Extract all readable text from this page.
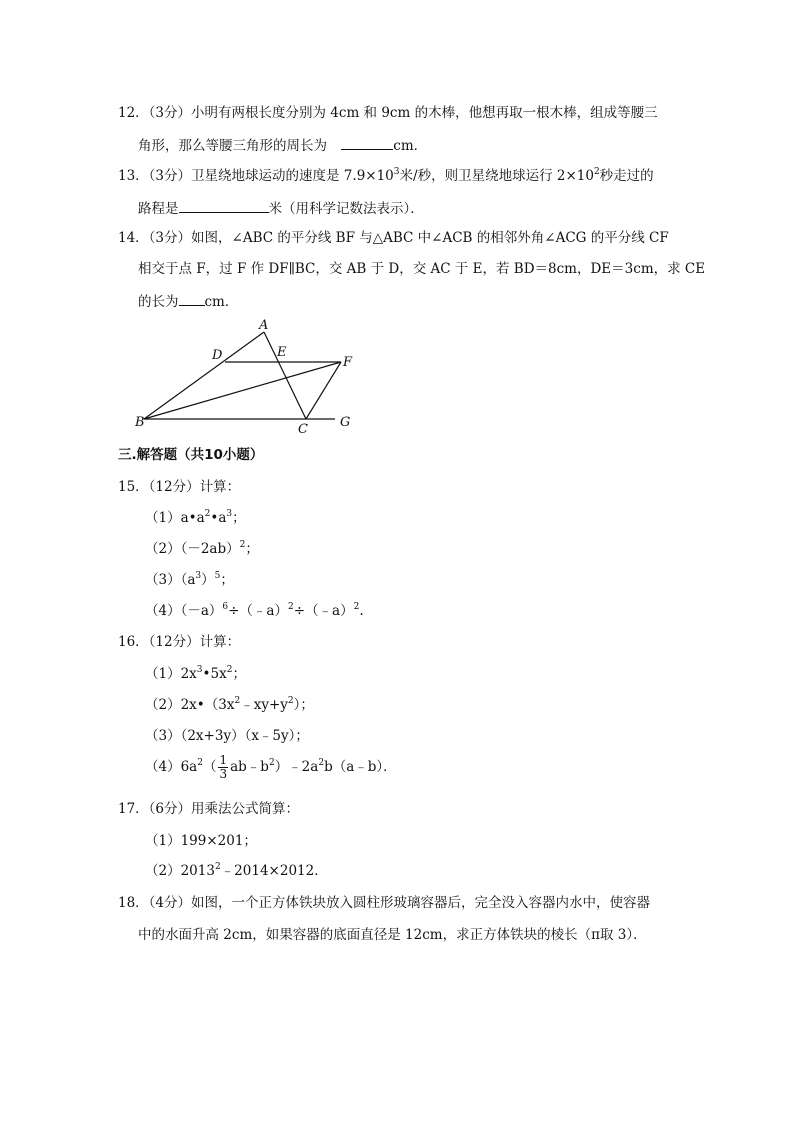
12．（3分）小明有两根长度分别为 4cm 和 9cm 的木棒，他想再取一根木棒，组成等腰三
角形，那么等腰三角形的周长为	cm．
13．（3分）卫星绕地球运动的速度是 $7.9\times 10^3$米/秒，则卫星绕地球运行 $2\times 10^2$秒走过的
路程是	米（用科学记数法表示）．
14．（3分）如图，∠ABC 的平分线 BF 与△ABC 中∠ACB 的相邻外角∠ACG 的平分线 CF
相交于点 F，过 F 作 DF∥BC，交 AB 于 D，交 AC 于 E，若 BD＝8cm，DE＝3cm，求 CE
的长为 cm．
A
B	C
D	E
F
G
三.解答题（共10小题）
15．（12分）计算：
$(1)a•a^2•a^3$；
$(2)(-2ab)^2$；
$(3)(a^3)^5$；
$(4)(-a)^6\div(﹣a)^2\div(﹣a)^2$.
16．（12分）计算：
$(1)2x^3•5x^2$；
$(2)2x•(3x^2﹣xy+y^2)$；
（3）（2x+3y）（x﹣5y）；
$(4)6a^2( \frac{1}{3}$ $ab﹣b^2)﹣2a^2b(a﹣b)$．
17．（6分）用乘法公式简算：
（1）199×201；
$(2)2013^2﹣2014\times 2012$．
18．（4分）如图，一个正方体铁块放入圆柱形玻璃容器后，完全没入容器内水中，使容器
中的水面升高 2cm，如果容器的底面直径是 12cm，求正方体铁块的棱长（π取 3）．
